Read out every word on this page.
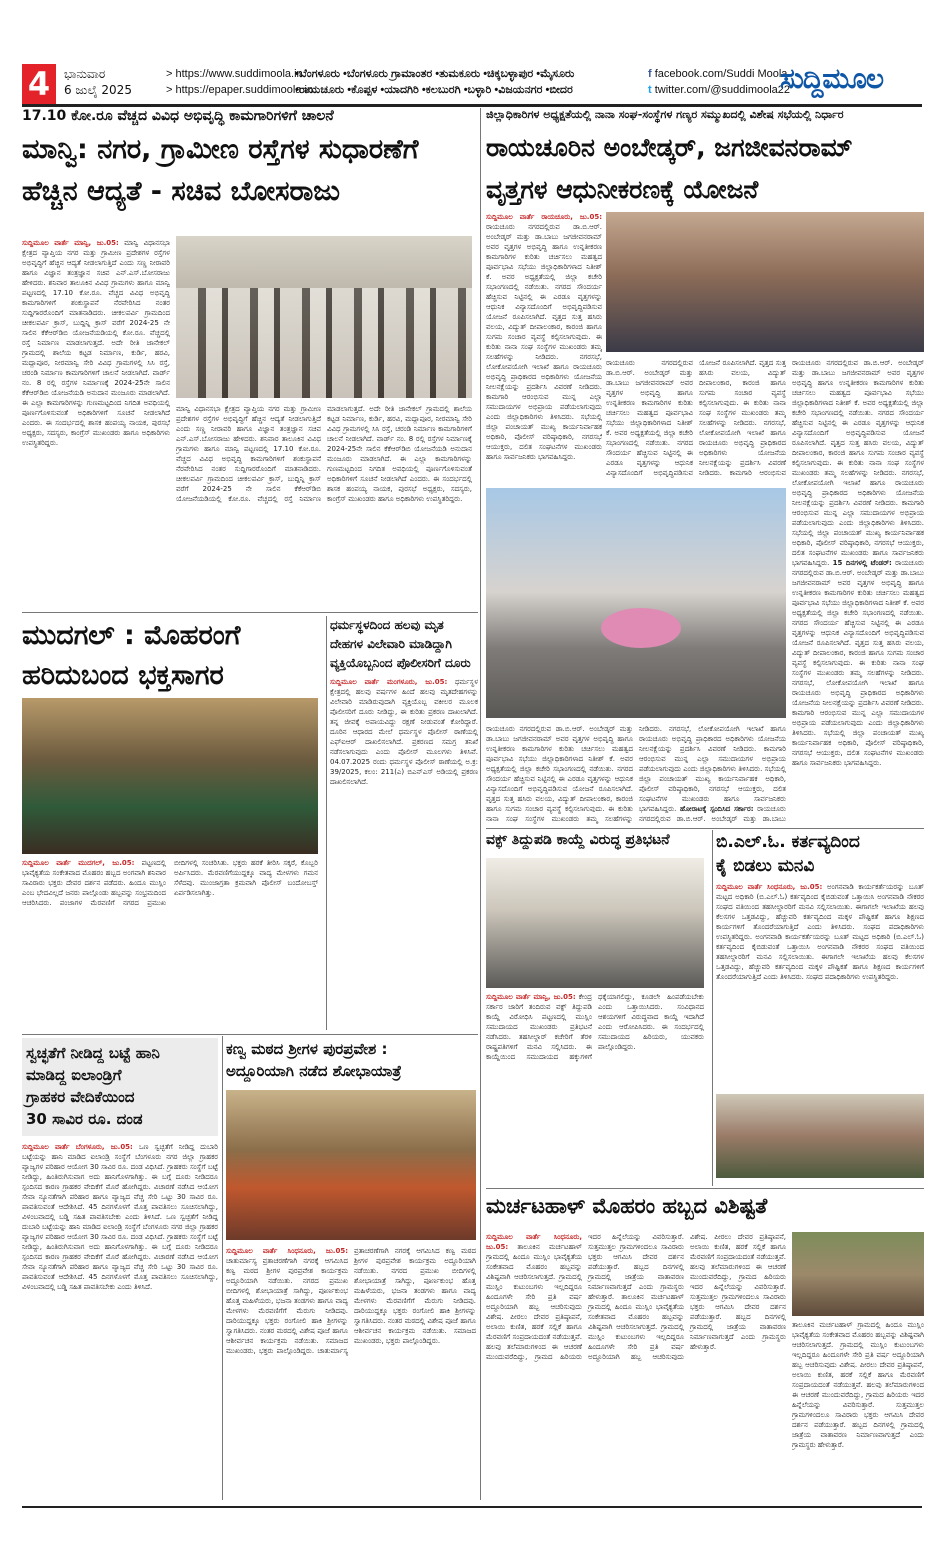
4	ಭಾನುವಾರ
6 ಜುಲೈ 2025
> https://www.suddimoola.in
> https://epaper.suddimoola.in
•ಬೆಂಗಳೂರು •ಬೆಂಗಳೂರು ಗ್ರಾಮಾಂತರ •ತುಮಕೂರು •ಚಿಕ್ಕಬಳ್ಳಾಪುರ •ಮೈಸೂರು
•ರಾಯಚೂರು •ಕೊಪ್ಪಳ •ಯಾದಗಿರಿ •ಕಲಬುರಗಿ •ಬಳ್ಳಾರಿ •ವಿಜಯನಗರ •ಬೀದರ
f facebook.com/Suddi Moola
t twitter.com/@suddimoola22
ಸುದ್ದಿಮೂಲ
17.10 ಕೋ.ರೂ ವೆಚ್ಚದ ವಿವಿಧ ಅಭಿವೃದ್ಧಿ ಕಾಮಗಾರಿಗಳಿಗೆ ಚಾಲನೆ
ಮಾನ್ವಿ: ನಗರ, ಗ್ರಾಮೀಣ ರಸ್ತೆಗಳ ಸುಧಾರಣೆಗೆ
ಹೆಚ್ಚಿನ ಆದ್ಯತೆ - ಸಚಿವ ಬೋಸರಾಜು
ಸುದ್ದಿಮೂಲ ವಾರ್ತೆ ಮಾನ್ವಿ, ಜು.05: ಮಾನ್ವಿ ವಿಧಾನಸಭಾ ಕ್ಷೇತ್ರದ ವ್ಯಾಪ್ತಿಯ ನಗರ ಮತ್ತು ಗ್ರಾಮೀಣ ಪ್ರದೇಶಗಳ ರಸ್ತೆಗಳ ಅಭಿವೃದ್ಧಿಗೆ ಹೆಚ್ಚಿನ ಆದ್ಯತೆ ನೀಡಲಾಗುತ್ತಿದೆ ಎಂದು ಸಣ್ಣ ನೀರಾವರಿ ಹಾಗೂ ವಿಜ್ಞಾನ ತಂತ್ರಜ್ಞಾನ ಸಚಿವ ಎನ್.ಎಸ್.ಬೋಸರಾಜು ಹೇಳಿದರು. ಶನಿವಾರ ತಾಲೂಕಿನ ವಿವಿಧ ಗ್ರಾಮಗಳು ಹಾಗೂ ಮಾನ್ವಿ ಪಟ್ಟಣದಲ್ಲಿ 17.10 ಕೋ.ರೂ. ವೆಚ್ಚದ ವಿವಿಧ ಅಭಿವೃದ್ಧಿ ಕಾಮಗಾರಿಗಳಿಗೆ ಶಂಕುಸ್ಥಾಪನೆ ನೆರವೇರಿಸಿದ ನಂತರ ಸುದ್ದಿಗಾರರೊಂದಿಗೆ ಮಾತನಾಡಿದರು. ಚೀಕಲಪರ್ವಿ ಗ್ರಾಮದಿಂದ ಚೀಕಲಪರ್ವಿ ಕ್ರಾಸ್, ಬುದ್ದಿನ್ನಿ ಕ್ರಾಸ್ ವರೆಗೆ 2024-25 ನೇ ಸಾಲಿನ ಕೆಕೆಆರ್‌ಡಿಬಿ ಯೋಜನೆಯಡಿಯಲ್ಲಿ ಕೋ.ರೂ. ವೆಚ್ಚದಲ್ಲಿ ರಸ್ತೆ ನಿರ್ಮಾಣ ಮಾಡಲಾಗುತ್ತದೆ. ಅದೇ ರೀತಿ ಜಾನೇಕಲ್ ಗ್ರಾಮದಲ್ಲಿ ಶಾಲೆಯ ಕಟ್ಟಡ ನಿರ್ಮಾಣ, ಕುರ್ಡಿ, ಹರವಿ, ಮದ್ಲಾಪೂರ, ನೀರಮಾನ್ವಿ ಸೇರಿ ವಿವಿಧ ಗ್ರಾಮಗಳಲ್ಲಿ ಸಿಸಿ ರಸ್ತೆ, ಚರಂಡಿ ನಿರ್ಮಾಣ ಕಾಮಗಾರಿಗಳಿಗೆ ಚಾಲನೆ ನೀಡಲಾಗಿದೆ. ವಾರ್ಡ್ ನಂ. 8 ರಲ್ಲಿ ರಸ್ತೆಗಳ ನಿರ್ಮಾಣಕ್ಕೆ 2024-25ನೇ ಸಾಲಿನ ಕೆಕೆಆರ್‌ಡಿಬಿ ಯೋಜನೆಯಡಿ ಅನುದಾನ ಮಂಜೂರು ಮಾಡಲಾಗಿದೆ. ಈ ಎಲ್ಲಾ ಕಾಮಗಾರಿಗಳನ್ನು ಗುಣಮಟ್ಟದಿಂದ ನಿಗದಿತ ಅವಧಿಯಲ್ಲಿ ಪೂರ್ಣಗೊಳಿಸುವಂತೆ ಅಧಿಕಾರಿಗಳಿಗೆ ಸೂಚನೆ ನೀಡಲಾಗಿದೆ ಎಂದರು. ಈ ಸಂದರ್ಭದಲ್ಲಿ ಶಾಸಕ ಹಂಪಯ್ಯ ನಾಯಕ, ಪುರಸಭೆ ಅಧ್ಯಕ್ಷರು, ಸದಸ್ಯರು, ಕಾಂಗ್ರೆಸ್ ಮುಖಂಡರು ಹಾಗೂ ಅಧಿಕಾರಿಗಳು ಉಪಸ್ಥಿತರಿದ್ದರು.
ಮಾನ್ವಿ ವಿಧಾನಸಭಾ ಕ್ಷೇತ್ರದ ವ್ಯಾಪ್ತಿಯ ನಗರ ಮತ್ತು ಗ್ರಾಮೀಣ ಪ್ರದೇಶಗಳ ರಸ್ತೆಗಳ ಅಭಿವೃದ್ಧಿಗೆ ಹೆಚ್ಚಿನ ಆದ್ಯತೆ ನೀಡಲಾಗುತ್ತಿದೆ ಎಂದು ಸಣ್ಣ ನೀರಾವರಿ ಹಾಗೂ ವಿಜ್ಞಾನ ತಂತ್ರಜ್ಞಾನ ಸಚಿವ ಎನ್.ಎಸ್.ಬೋಸರಾಜು ಹೇಳಿದರು. ಶನಿವಾರ ತಾಲೂಕಿನ ವಿವಿಧ ಗ್ರಾಮಗಳು ಹಾಗೂ ಮಾನ್ವಿ ಪಟ್ಟಣದಲ್ಲಿ 17.10 ಕೋ.ರೂ. ವೆಚ್ಚದ ವಿವಿಧ ಅಭಿವೃದ್ಧಿ ಕಾಮಗಾರಿಗಳಿಗೆ ಶಂಕುಸ್ಥಾಪನೆ ನೆರವೇರಿಸಿದ ನಂತರ ಸುದ್ದಿಗಾರರೊಂದಿಗೆ ಮಾತನಾಡಿದರು. ಚೀಕಲಪರ್ವಿ ಗ್ರಾಮದಿಂದ ಚೀಕಲಪರ್ವಿ ಕ್ರಾಸ್, ಬುದ್ದಿನ್ನಿ ಕ್ರಾಸ್ ವರೆಗೆ 2024-25 ನೇ ಸಾಲಿನ ಕೆಕೆಆರ್‌ಡಿಬಿ ಯೋಜನೆಯಡಿಯಲ್ಲಿ ಕೋ.ರೂ. ವೆಚ್ಚದಲ್ಲಿ ರಸ್ತೆ ನಿರ್ಮಾಣ ಮಾಡಲಾಗುತ್ತದೆ. ಅದೇ ರೀತಿ ಜಾನೇಕಲ್ ಗ್ರಾಮದಲ್ಲಿ ಶಾಲೆಯ ಕಟ್ಟಡ ನಿರ್ಮಾಣ, ಕುರ್ಡಿ, ಹರವಿ, ಮದ್ಲಾಪೂರ, ನೀರಮಾನ್ವಿ ಸೇರಿ ವಿವಿಧ ಗ್ರಾಮಗಳಲ್ಲಿ ಸಿಸಿ ರಸ್ತೆ, ಚರಂಡಿ ನಿರ್ಮಾಣ ಕಾಮಗಾರಿಗಳಿಗೆ ಚಾಲನೆ ನೀಡಲಾಗಿದೆ. ವಾರ್ಡ್ ನಂ. 8 ರಲ್ಲಿ ರಸ್ತೆಗಳ ನಿರ್ಮಾಣಕ್ಕೆ 2024-25ನೇ ಸಾಲಿನ ಕೆಕೆಆರ್‌ಡಿಬಿ ಯೋಜನೆಯಡಿ ಅನುದಾನ ಮಂಜೂರು ಮಾಡಲಾಗಿದೆ. ಈ ಎಲ್ಲಾ ಕಾಮಗಾರಿಗಳನ್ನು ಗುಣಮಟ್ಟದಿಂದ ನಿಗದಿತ ಅವಧಿಯಲ್ಲಿ ಪೂರ್ಣಗೊಳಿಸುವಂತೆ ಅಧಿಕಾರಿಗಳಿಗೆ ಸೂಚನೆ ನೀಡಲಾಗಿದೆ ಎಂದರು. ಈ ಸಂದರ್ಭದಲ್ಲಿ ಶಾಸಕ ಹಂಪಯ್ಯ ನಾಯಕ, ಪುರಸಭೆ ಅಧ್ಯಕ್ಷರು, ಸದಸ್ಯರು, ಕಾಂಗ್ರೆಸ್ ಮುಖಂಡರು ಹಾಗೂ ಅಧಿಕಾರಿಗಳು ಉಪಸ್ಥಿತರಿದ್ದರು.
ಜಿಲ್ಲಾಧಿಕಾರಿಗಳ ಅಧ್ಯಕ್ಷತೆಯಲ್ಲಿ ನಾನಾ ಸಂಘ-ಸಂಸ್ಥೆಗಳ ಗಣ್ಯರ ಸಮ್ಮುಖದಲ್ಲಿ ವಿಶೇಷ ಸಭೆಯಲ್ಲಿ ನಿರ್ಧಾರ
ರಾಯಚೂರಿನ ಅಂಬೇಡ್ಕರ್, ಜಗಜೀವನರಾಮ್
ವೃತ್ತಗಳ ಆಧುನೀಕರಣಕ್ಕೆ ಯೋಜನೆ
ಸುದ್ದಿಮೂಲ ವಾರ್ತೆ ರಾಯಚೂರು, ಜು.05: ರಾಯಚೂರು ನಗರದಲ್ಲಿರುವ ಡಾ.ಬಿ.ಆರ್. ಅಂಬೇಡ್ಕರ್ ಮತ್ತು ಡಾ.ಬಾಬು ಜಗಜೀವನರಾಮ್ ಅವರ ವೃತ್ತಗಳ ಅಭಿವೃದ್ಧಿ ಹಾಗೂ ಉನ್ನತೀಕರಣ ಕಾಮಗಾರಿಗಳ ಕುರಿತು ಚರ್ಚಿಸಲು ಮಹತ್ವದ ಪೂರ್ವಭಾವಿ ಸಭೆಯು ಜಿಲ್ಲಾಧಿಕಾರಿಗಳಾದ ನಿತೀಶ್ ಕೆ. ಅವರ ಅಧ್ಯಕ್ಷತೆಯಲ್ಲಿ ಜಿಲ್ಲಾ ಕಚೇರಿ ಸಭಾಂಗಣದಲ್ಲಿ ನಡೆಯಿತು. ನಗರದ ಸೌಂದರ್ಯ ಹೆಚ್ಚಿಸುವ ನಿಟ್ಟಿನಲ್ಲಿ ಈ ಎರಡೂ ವೃತ್ತಗಳನ್ನು ಆಧುನಿಕ ವಿನ್ಯಾಸದೊಂದಿಗೆ ಅಭಿವೃದ್ಧಿಪಡಿಸುವ ಯೋಜನೆ ರೂಪಿಸಲಾಗಿದೆ. ವೃತ್ತದ ಸುತ್ತ ಹಸಿರು ವಲಯ, ವಿದ್ಯುತ್ ದೀಪಾಲಂಕಾರ, ಕಾರಂಜಿ ಹಾಗೂ ಸುಗಮ ಸಂಚಾರ ವ್ಯವಸ್ಥೆ ಕಲ್ಪಿಸಲಾಗುವುದು. ಈ ಕುರಿತು ನಾನಾ ಸಂಘ ಸಂಸ್ಥೆಗಳ ಮುಖಂಡರು ತಮ್ಮ ಸಲಹೆಗಳನ್ನು ನೀಡಿದರು. ನಗರಸಭೆ, ಲೋಕೋಪಯೋಗಿ ಇಲಾಖೆ ಹಾಗೂ ರಾಯಚೂರು ಅಭಿವೃದ್ಧಿ ಪ್ರಾಧಿಕಾರದ ಅಧಿಕಾರಿಗಳು ಯೋಜನೆಯ ನೀಲನಕ್ಷೆಯನ್ನು ಪ್ರದರ್ಶಿಸಿ ವಿವರಣೆ ನೀಡಿದರು. ಕಾಮಗಾರಿ ಆರಂಭಿಸುವ ಮುನ್ನ ಎಲ್ಲಾ ಸಮುದಾಯಗಳ ಅಭಿಪ್ರಾಯ ಪಡೆಯಲಾಗುವುದು ಎಂದು ಜಿಲ್ಲಾಧಿಕಾರಿಗಳು ತಿಳಿಸಿದರು. ಸಭೆಯಲ್ಲಿ ಜಿಲ್ಲಾ ಪಂಚಾಯತ್ ಮುಖ್ಯ ಕಾರ್ಯನಿರ್ವಾಹಕ ಅಧಿಕಾರಿ, ಪೊಲೀಸ್ ವರಿಷ್ಠಾಧಿಕಾರಿ, ನಗರಸಭೆ ಆಯುಕ್ತರು, ದಲಿತ ಸಂಘಟನೆಗಳ ಮುಖಂಡರು ಹಾಗೂ ಸಾರ್ವಜನಿಕರು ಭಾಗವಹಿಸಿದ್ದರು.
ರಾಯಚೂರು ನಗರದಲ್ಲಿರುವ ಡಾ.ಬಿ.ಆರ್. ಅಂಬೇಡ್ಕರ್ ಮತ್ತು ಡಾ.ಬಾಬು ಜಗಜೀವನರಾಮ್ ಅವರ ವೃತ್ತಗಳ ಅಭಿವೃದ್ಧಿ ಹಾಗೂ ಉನ್ನತೀಕರಣ ಕಾಮಗಾರಿಗಳ ಕುರಿತು ಚರ್ಚಿಸಲು ಮಹತ್ವದ ಪೂರ್ವಭಾವಿ ಸಭೆಯು ಜಿಲ್ಲಾಧಿಕಾರಿಗಳಾದ ನಿತೀಶ್ ಕೆ. ಅವರ ಅಧ್ಯಕ್ಷತೆಯಲ್ಲಿ ಜಿಲ್ಲಾ ಕಚೇರಿ ಸಭಾಂಗಣದಲ್ಲಿ ನಡೆಯಿತು. ನಗರದ ಸೌಂದರ್ಯ ಹೆಚ್ಚಿಸುವ ನಿಟ್ಟಿನಲ್ಲಿ ಈ ಎರಡೂ ವೃತ್ತಗಳನ್ನು ಆಧುನಿಕ ವಿನ್ಯಾಸದೊಂದಿಗೆ ಅಭಿವೃದ್ಧಿಪಡಿಸುವ ಯೋಜನೆ ರೂಪಿಸಲಾಗಿದೆ. ವೃತ್ತದ ಸುತ್ತ ಹಸಿರು ವಲಯ, ವಿದ್ಯುತ್ ದೀಪಾಲಂಕಾರ, ಕಾರಂಜಿ ಹಾಗೂ ಸುಗಮ ಸಂಚಾರ ವ್ಯವಸ್ಥೆ ಕಲ್ಪಿಸಲಾಗುವುದು. ಈ ಕುರಿತು ನಾನಾ ಸಂಘ ಸಂಸ್ಥೆಗಳ ಮುಖಂಡರು ತಮ್ಮ ಸಲಹೆಗಳನ್ನು ನೀಡಿದರು. ನಗರಸಭೆ, ಲೋಕೋಪಯೋಗಿ ಇಲಾಖೆ ಹಾಗೂ ರಾಯಚೂರು ಅಭಿವೃದ್ಧಿ ಪ್ರಾಧಿಕಾರದ ಅಧಿಕಾರಿಗಳು ಯೋಜನೆಯ ನೀಲನಕ್ಷೆಯನ್ನು ಪ್ರದರ್ಶಿಸಿ ವಿವರಣೆ ನೀಡಿದರು. ಕಾಮಗಾರಿ ಆರಂಭಿಸುವ
ರಾಯಚೂರು ನಗರದಲ್ಲಿರುವ ಡಾ.ಬಿ.ಆರ್. ಅಂಬೇಡ್ಕರ್ ಮತ್ತು ಡಾ.ಬಾಬು ಜಗಜೀವನರಾಮ್ ಅವರ ವೃತ್ತಗಳ ಅಭಿವೃದ್ಧಿ ಹಾಗೂ ಉನ್ನತೀಕರಣ ಕಾಮಗಾರಿಗಳ ಕುರಿತು ಚರ್ಚಿಸಲು ಮಹತ್ವದ ಪೂರ್ವಭಾವಿ ಸಭೆಯು ಜಿಲ್ಲಾಧಿಕಾರಿಗಳಾದ ನಿತೀಶ್ ಕೆ. ಅವರ ಅಧ್ಯಕ್ಷತೆಯಲ್ಲಿ ಜಿಲ್ಲಾ ಕಚೇರಿ ಸಭಾಂಗಣದಲ್ಲಿ ನಡೆಯಿತು. ನಗರದ ಸೌಂದರ್ಯ ಹೆಚ್ಚಿಸುವ ನಿಟ್ಟಿನಲ್ಲಿ ಈ ಎರಡೂ ವೃತ್ತಗಳನ್ನು ಆಧುನಿಕ ವಿನ್ಯಾಸದೊಂದಿಗೆ ಅಭಿವೃದ್ಧಿಪಡಿಸುವ ಯೋಜನೆ ರೂಪಿಸಲಾಗಿದೆ. ವೃತ್ತದ ಸುತ್ತ ಹಸಿರು ವಲಯ, ವಿದ್ಯುತ್ ದೀಪಾಲಂಕಾರ, ಕಾರಂಜಿ ಹಾಗೂ ಸುಗಮ ಸಂಚಾರ ವ್ಯವಸ್ಥೆ ಕಲ್ಪಿಸಲಾಗುವುದು. ಈ ಕುರಿತು ನಾನಾ ಸಂಘ ಸಂಸ್ಥೆಗಳ ಮುಖಂಡರು ತಮ್ಮ ಸಲಹೆಗಳನ್ನು ನೀಡಿದರು. ನಗರಸಭೆ, ಲೋಕೋಪಯೋಗಿ ಇಲಾಖೆ ಹಾಗೂ ರಾಯಚೂರು ಅಭಿವೃದ್ಧಿ ಪ್ರಾಧಿಕಾರದ ಅಧಿಕಾರಿಗಳು ಯೋಜನೆಯ ನೀಲನಕ್ಷೆಯನ್ನು ಪ್ರದರ್ಶಿಸಿ ವಿವರಣೆ ನೀಡಿದರು. ಕಾಮಗಾರಿ ಆರಂಭಿಸುವ ಮುನ್ನ ಎಲ್ಲಾ ಸಮುದಾಯಗಳ ಅಭಿಪ್ರಾಯ ಪಡೆಯಲಾಗುವುದು ಎಂದು ಜಿಲ್ಲಾಧಿಕಾರಿಗಳು ತಿಳಿಸಿದರು. ಸಭೆಯಲ್ಲಿ ಜಿಲ್ಲಾ ಪಂಚಾಯತ್ ಮುಖ್ಯ ಕಾರ್ಯನಿರ್ವಾಹಕ ಅಧಿಕಾರಿ, ಪೊಲೀಸ್ ವರಿಷ್ಠಾಧಿಕಾರಿ, ನಗರಸಭೆ ಆಯುಕ್ತರು, ದಲಿತ ಸಂಘಟನೆಗಳ ಮುಖಂಡರು ಹಾಗೂ ಸಾರ್ವಜನಿಕರು ಭಾಗವಹಿಸಿದ್ದರು. 15 ದಿನಗಳಲ್ಲಿ ಟೆಂಡರ್: ರಾಯಚೂರು ನಗರದಲ್ಲಿರುವ ಡಾ.ಬಿ.ಆರ್. ಅಂಬೇಡ್ಕರ್ ಮತ್ತು ಡಾ.ಬಾಬು ಜಗಜೀವನರಾಮ್ ಅವರ ವೃತ್ತಗಳ ಅಭಿವೃದ್ಧಿ ಹಾಗೂ ಉನ್ನತೀಕರಣ ಕಾಮಗಾರಿಗಳ ಕುರಿತು ಚರ್ಚಿಸಲು ಮಹತ್ವದ ಪೂರ್ವಭಾವಿ ಸಭೆಯು ಜಿಲ್ಲಾಧಿಕಾರಿಗಳಾದ ನಿತೀಶ್ ಕೆ. ಅವರ ಅಧ್ಯಕ್ಷತೆಯಲ್ಲಿ ಜಿಲ್ಲಾ ಕಚೇರಿ ಸಭಾಂಗಣದಲ್ಲಿ ನಡೆಯಿತು. ನಗರದ ಸೌಂದರ್ಯ ಹೆಚ್ಚಿಸುವ ನಿಟ್ಟಿನಲ್ಲಿ ಈ ಎರಡೂ ವೃತ್ತಗಳನ್ನು ಆಧುನಿಕ ವಿನ್ಯಾಸದೊಂದಿಗೆ ಅಭಿವೃದ್ಧಿಪಡಿಸುವ ಯೋಜನೆ ರೂಪಿಸಲಾಗಿದೆ. ವೃತ್ತದ ಸುತ್ತ ಹಸಿರು ವಲಯ, ವಿದ್ಯುತ್ ದೀಪಾಲಂಕಾರ, ಕಾರಂಜಿ ಹಾಗೂ ಸುಗಮ ಸಂಚಾರ ವ್ಯವಸ್ಥೆ ಕಲ್ಪಿಸಲಾಗುವುದು. ಈ ಕುರಿತು ನಾನಾ ಸಂಘ ಸಂಸ್ಥೆಗಳ ಮುಖಂಡರು ತಮ್ಮ ಸಲಹೆಗಳನ್ನು ನೀಡಿದರು. ನಗರಸಭೆ, ಲೋಕೋಪಯೋಗಿ ಇಲಾಖೆ ಹಾಗೂ ರಾಯಚೂರು ಅಭಿವೃದ್ಧಿ ಪ್ರಾಧಿಕಾರದ ಅಧಿಕಾರಿಗಳು ಯೋಜನೆಯ ನೀಲನಕ್ಷೆಯನ್ನು ಪ್ರದರ್ಶಿಸಿ ವಿವರಣೆ ನೀಡಿದರು. ಕಾಮಗಾರಿ ಆರಂಭಿಸುವ ಮುನ್ನ ಎಲ್ಲಾ ಸಮುದಾಯಗಳ ಅಭಿಪ್ರಾಯ ಪಡೆಯಲಾಗುವುದು ಎಂದು ಜಿಲ್ಲಾಧಿಕಾರಿಗಳು ತಿಳಿಸಿದರು. ಸಭೆಯಲ್ಲಿ ಜಿಲ್ಲಾ ಪಂಚಾಯತ್ ಮುಖ್ಯ ಕಾರ್ಯನಿರ್ವಾಹಕ ಅಧಿಕಾರಿ, ಪೊಲೀಸ್ ವರಿಷ್ಠಾಧಿಕಾರಿ, ನಗರಸಭೆ ಆಯುಕ್ತರು, ದಲಿತ ಸಂಘಟನೆಗಳ ಮುಖಂಡರು ಹಾಗೂ ಸಾರ್ವಜನಿಕರು ಭಾಗವಹಿಸಿದ್ದರು.
ರಾಯಚೂರು ನಗರದಲ್ಲಿರುವ ಡಾ.ಬಿ.ಆರ್. ಅಂಬೇಡ್ಕರ್ ಮತ್ತು ಡಾ.ಬಾಬು ಜಗಜೀವನರಾಮ್ ಅವರ ವೃತ್ತಗಳ ಅಭಿವೃದ್ಧಿ ಹಾಗೂ ಉನ್ನತೀಕರಣ ಕಾಮಗಾರಿಗಳ ಕುರಿತು ಚರ್ಚಿಸಲು ಮಹತ್ವದ ಪೂರ್ವಭಾವಿ ಸಭೆಯು ಜಿಲ್ಲಾಧಿಕಾರಿಗಳಾದ ನಿತೀಶ್ ಕೆ. ಅವರ ಅಧ್ಯಕ್ಷತೆಯಲ್ಲಿ ಜಿಲ್ಲಾ ಕಚೇರಿ ಸಭಾಂಗಣದಲ್ಲಿ ನಡೆಯಿತು. ನಗರದ ಸೌಂದರ್ಯ ಹೆಚ್ಚಿಸುವ ನಿಟ್ಟಿನಲ್ಲಿ ಈ ಎರಡೂ ವೃತ್ತಗಳನ್ನು ಆಧುನಿಕ ವಿನ್ಯಾಸದೊಂದಿಗೆ ಅಭಿವೃದ್ಧಿಪಡಿಸುವ ಯೋಜನೆ ರೂಪಿಸಲಾಗಿದೆ. ವೃತ್ತದ ಸುತ್ತ ಹಸಿರು ವಲಯ, ವಿದ್ಯುತ್ ದೀಪಾಲಂಕಾರ, ಕಾರಂಜಿ ಹಾಗೂ ಸುಗಮ ಸಂಚಾರ ವ್ಯವಸ್ಥೆ ಕಲ್ಪಿಸಲಾಗುವುದು. ಈ ಕುರಿತು ನಾನಾ ಸಂಘ ಸಂಸ್ಥೆಗಳ ಮುಖಂಡರು ತಮ್ಮ ಸಲಹೆಗಳನ್ನು ನೀಡಿದರು. ನಗರಸಭೆ, ಲೋಕೋಪಯೋಗಿ ಇಲಾಖೆ ಹಾಗೂ ರಾಯಚೂರು ಅಭಿವೃದ್ಧಿ ಪ್ರಾಧಿಕಾರದ ಅಧಿಕಾರಿಗಳು ಯೋಜನೆಯ ನೀಲನಕ್ಷೆಯನ್ನು ಪ್ರದರ್ಶಿಸಿ ವಿವರಣೆ ನೀಡಿದರು. ಕಾಮಗಾರಿ ಆರಂಭಿಸುವ ಮುನ್ನ ಎಲ್ಲಾ ಸಮುದಾಯಗಳ ಅಭಿಪ್ರಾಯ ಪಡೆಯಲಾಗುವುದು ಎಂದು ಜಿಲ್ಲಾಧಿಕಾರಿಗಳು ತಿಳಿಸಿದರು. ಸಭೆಯಲ್ಲಿ ಜಿಲ್ಲಾ ಪಂಚಾಯತ್ ಮುಖ್ಯ ಕಾರ್ಯನಿರ್ವಾಹಕ ಅಧಿಕಾರಿ, ಪೊಲೀಸ್ ವರಿಷ್ಠಾಧಿಕಾರಿ, ನಗರಸಭೆ ಆಯುಕ್ತರು, ದಲಿತ ಸಂಘಟನೆಗಳ ಮುಖಂಡರು ಹಾಗೂ ಸಾರ್ವಜನಿಕರು ಭಾಗವಹಿಸಿದ್ದರು. ಹೋರಾಟಕ್ಕೆ ಸ್ಪಂದಿಸಿದ ಸರ್ಕಾರ: ರಾಯಚೂರು ನಗರದಲ್ಲಿರುವ ಡಾ.ಬಿ.ಆರ್. ಅಂಬೇಡ್ಕರ್ ಮತ್ತು ಡಾ.ಬಾಬು
ಮುದಗಲ್ : ಮೊಹರಂಗೆ
ಹರಿದುಬಂದ ಭಕ್ತಸಾಗರ
ಸುದ್ದಿಮೂಲ ವಾರ್ತೆ ಮುದಗಲ್, ಜು.05: ಪಟ್ಟಣದಲ್ಲಿ ಭಾವೈಕ್ಯತೆಯ ಸಂಕೇತವಾದ ಮೊಹರಂ ಹಬ್ಬದ ಅಂಗವಾಗಿ ಶನಿವಾರ ಸಾವಿರಾರು ಭಕ್ತರು ದೇವರ ದರ್ಶನ ಪಡೆದರು. ಹಿಂದೂ ಮುಸ್ಲಿಂ ಎಂಬ ಭೇದವಿಲ್ಲದೆ ಜನರು ಪಾಲ್ಗೊಂಡು ಹಬ್ಬವನ್ನು ಸಂಭ್ರಮದಿಂದ ಆಚರಿಸಿದರು. ಪಂಜಾಗಳ ಮೆರವಣಿಗೆ ನಗರದ ಪ್ರಮುಖ ಬೀದಿಗಳಲ್ಲಿ ಸಂಚರಿಸಿತು. ಭಕ್ತರು ಹರಕೆ ತೀರಿಸಿ ಸಕ್ಕರೆ, ಕೊಬ್ಬರಿ ಅರ್ಪಿಸಿದರು. ಮೆರವಣಿಗೆಯುದ್ದಕ್ಕೂ ವಾದ್ಯ ಮೇಳಗಳು ಗಮನ ಸೆಳೆದವು. ಮುಂಜಾಗ್ರತಾ ಕ್ರಮವಾಗಿ ಪೊಲೀಸ್ ಬಂದೋಬಸ್ತ್ ಏರ್ಪಡಿಸಲಾಗಿತ್ತು.
ಧರ್ಮಸ್ಥಳದಿಂದ ಹಲವು ಮೃತ
ದೇಹಗಳ ವಿಲೇವಾರಿ ಮಾಡಿದ್ದಾಗಿ
ವ್ಯಕ್ತಿಯೊಬ್ಬನಿಂದ ಪೊಲೀಸರಿಗೆ ದೂರು
ಸುದ್ದಿಮೂಲ ವಾರ್ತೆ ಮಂಗಳೂರು, ಜು.05: ಧರ್ಮಸ್ಥಳ ಕ್ಷೇತ್ರದಲ್ಲಿ ಹಲವು ವರ್ಷಗಳ ಹಿಂದೆ ಹಲವು ಮೃತದೇಹಗಳನ್ನು ವಿಲೇವಾರಿ ಮಾಡಿರುವುದಾಗಿ ವ್ಯಕ್ತಿಯೊಬ್ಬ ವಕೀಲರ ಮೂಲಕ ಪೊಲೀಸರಿಗೆ ದೂರು ನೀಡಿದ್ದು, ಈ ಕುರಿತು ಪ್ರಕರಣ ದಾಖಲಾಗಿದೆ. ತನ್ನ ಜೀವಕ್ಕೆ ಅಪಾಯವಿದ್ದು ರಕ್ಷಣೆ ನೀಡುವಂತೆ ಕೋರಿದ್ದಾರೆ. ದೂರಿನ ಆಧಾರದ ಮೇಲೆ ಧರ್ಮಸ್ಥಳ ಪೊಲೀಸ್ ಠಾಣೆಯಲ್ಲಿ ಎಫ್‌ಐಆರ್ ದಾಖಲಿಸಲಾಗಿದೆ. ಪ್ರಕರಣದ ಸಮಗ್ರ ತನಿಖೆ ನಡೆಸಲಾಗುವುದು ಎಂದು ಪೊಲೀಸ್ ಮೂಲಗಳು ತಿಳಿಸಿವೆ. 04.07.2025 ರಂದು ಧರ್ಮಸ್ಥಳ ಪೊಲೀಸ್ ಠಾಣೆಯಲ್ಲಿ ಅ.ಕ್ರ: 39/2025, ಕಲಂ: 211(ಎ) ಬಿಎನ್‌ಎಸ್ ಅಡಿಯಲ್ಲಿ ಪ್ರಕರಣ ದಾಖಲಿಸಲಾಗಿದೆ.
ವಕ್ಫ್ ತಿದ್ದುಪಡಿ ಕಾಯ್ದೆ ವಿರುದ್ಧ ಪ್ರತಿಭಟನೆ
ಸುದ್ದಿಮೂಲ ವಾರ್ತೆ ಮಾನ್ವಿ, ಜು.05: ಕೇಂದ್ರ ಸರ್ಕಾರ ಜಾರಿಗೆ ತಂದಿರುವ ವಕ್ಫ್ ತಿದ್ದುಪಡಿ ಕಾಯ್ದೆ ವಿರೋಧಿಸಿ ಪಟ್ಟಣದಲ್ಲಿ ಮುಸ್ಲಿಂ ಸಮುದಾಯದ ಮುಖಂಡರು ಪ್ರತಿಭಟನೆ ನಡೆಸಿದರು. ತಹಸೀಲ್ದಾರ್ ಕಚೇರಿಗೆ ತೆರಳಿ ರಾಷ್ಟ್ರಪತಿಗಳಿಗೆ ಮನವಿ ಸಲ್ಲಿಸಿದರು. ಈ ಕಾಯ್ದೆಯಿಂದ ಸಮುದಾಯದ ಹಕ್ಕುಗಳಿಗೆ ಧಕ್ಕೆಯಾಗಲಿದ್ದು, ಕೂಡಲೇ ಹಿಂಪಡೆಯಬೇಕು ಎಂದು ಒತ್ತಾಯಿಸಿದರು. ಸಂವಿಧಾನದ ಆಶಯಗಳಿಗೆ ವಿರುದ್ಧವಾದ ಕಾಯ್ದೆ ಇದಾಗಿದೆ ಎಂದು ಆರೋಪಿಸಿದರು. ಈ ಸಂದರ್ಭದಲ್ಲಿ ಸಮುದಾಯದ ಹಿರಿಯರು, ಯುವಕರು ಪಾಲ್ಗೊಂಡಿದ್ದರು.
ಬಿ.ಎಲ್.ಓ. ಕರ್ತವ್ಯದಿಂದ
ಕೈ ಬಿಡಲು ಮನವಿ
ಸುದ್ದಿಮೂಲ ವಾರ್ತೆ ಸಿಂಧನೂರು, ಜು.05: ಅಂಗನವಾಡಿ ಕಾರ್ಯಕರ್ತೆಯರನ್ನು ಬೂತ್ ಮಟ್ಟದ ಅಧಿಕಾರಿ (ಬಿ.ಎಲ್.ಓ) ಕರ್ತವ್ಯದಿಂದ ಕೈಬಿಡುವಂತೆ ಒತ್ತಾಯಿಸಿ ಅಂಗನವಾಡಿ ನೌಕರರ ಸಂಘದ ವತಿಯಿಂದ ತಹಸೀಲ್ದಾರರಿಗೆ ಮನವಿ ಸಲ್ಲಿಸಲಾಯಿತು. ಈಗಾಗಲೇ ಇಲಾಖೆಯ ಹಲವು ಕೆಲಸಗಳ ಒತ್ತಡವಿದ್ದು, ಹೆಚ್ಚುವರಿ ಕರ್ತವ್ಯದಿಂದ ಮಕ್ಕಳ ಪೌಷ್ಟಿಕತೆ ಹಾಗೂ ಶಿಕ್ಷಣದ ಕಾರ್ಯಗಳಿಗೆ ತೊಂದರೆಯಾಗುತ್ತಿದೆ ಎಂದು ತಿಳಿಸಿದರು. ಸಂಘದ ಪದಾಧಿಕಾರಿಗಳು ಉಪಸ್ಥಿತರಿದ್ದರು. ಅಂಗನವಾಡಿ ಕಾರ್ಯಕರ್ತೆಯರನ್ನು ಬೂತ್ ಮಟ್ಟದ ಅಧಿಕಾರಿ (ಬಿ.ಎಲ್.ಓ) ಕರ್ತವ್ಯದಿಂದ ಕೈಬಿಡುವಂತೆ ಒತ್ತಾಯಿಸಿ ಅಂಗನವಾಡಿ ನೌಕರರ ಸಂಘದ ವತಿಯಿಂದ ತಹಸೀಲ್ದಾರರಿಗೆ ಮನವಿ ಸಲ್ಲಿಸಲಾಯಿತು. ಈಗಾಗಲೇ ಇಲಾಖೆಯ ಹಲವು ಕೆಲಸಗಳ ಒತ್ತಡವಿದ್ದು, ಹೆಚ್ಚುವರಿ ಕರ್ತವ್ಯದಿಂದ ಮಕ್ಕಳ ಪೌಷ್ಟಿಕತೆ ಹಾಗೂ ಶಿಕ್ಷಣದ ಕಾರ್ಯಗಳಿಗೆ ತೊಂದರೆಯಾಗುತ್ತಿದೆ ಎಂದು ತಿಳಿಸಿದರು. ಸಂಘದ ಪದಾಧಿಕಾರಿಗಳು ಉಪಸ್ಥಿತರಿದ್ದರು.
ಸ್ವಚ್ಛತೆಗೆ ನೀಡಿದ್ದ ಬಟ್ಟೆ ಹಾನಿ
ಮಾಡಿದ್ದ ಐಲಾಂಡ್ರಿಗೆ
ಗ್ರಾಹಕರ ವೇದಿಕೆಯಿಂದ
30 ಸಾವಿರ ರೂ. ದಂಡ
ಸುದ್ದಿಮೂಲ ವಾರ್ತೆ ಬೆಂಗಳೂರು, ಜು.05: ಒಣ ಸ್ವಚ್ಛತೆಗೆ ನೀಡಿದ್ದ ದುಬಾರಿ ಬಟ್ಟೆಯನ್ನು ಹಾನಿ ಮಾಡಿದ ಐಲಾಂಡ್ರಿ ಸಂಸ್ಥೆಗೆ ಬೆಂಗಳೂರು ನಗರ ಜಿಲ್ಲಾ ಗ್ರಾಹಕರ ವ್ಯಾಜ್ಯಗಳ ಪರಿಹಾರ ಆಯೋಗ 30 ಸಾವಿರ ರೂ. ದಂಡ ವಿಧಿಸಿದೆ. ಗ್ರಾಹಕರು ಸಂಸ್ಥೆಗೆ ಬಟ್ಟೆ ನೀಡಿದ್ದು, ಹಿಂತಿರುಗಿಸುವಾಗ ಅದು ಹಾನಿಗೊಳಗಾಗಿತ್ತು. ಈ ಬಗ್ಗೆ ದೂರು ನೀಡಿದರೂ ಸ್ಪಂದಿಸದ ಕಾರಣ ಗ್ರಾಹಕರ ವೇದಿಕೆಗೆ ಮೊರೆ ಹೋಗಿದ್ದರು. ವಿಚಾರಣೆ ನಡೆಸಿದ ಆಯೋಗ ಸೇವಾ ನ್ಯೂನತೆಗಾಗಿ ಪರಿಹಾರ ಹಾಗೂ ವ್ಯಾಜ್ಯದ ವೆಚ್ಚ ಸೇರಿ ಒಟ್ಟು 30 ಸಾವಿರ ರೂ. ಪಾವತಿಸುವಂತೆ ಆದೇಶಿಸಿದೆ. 45 ದಿನಗಳೊಳಗೆ ಮೊತ್ತ ಪಾವತಿಸಲು ಸೂಚಿಸಲಾಗಿದ್ದು, ವಿಳಂಬವಾದಲ್ಲಿ ಬಡ್ಡಿ ಸಹಿತ ಪಾವತಿಸಬೇಕು ಎಂದು ತಿಳಿಸಿದೆ. ಒಣ ಸ್ವಚ್ಛತೆಗೆ ನೀಡಿದ್ದ ದುಬಾರಿ ಬಟ್ಟೆಯನ್ನು ಹಾನಿ ಮಾಡಿದ ಐಲಾಂಡ್ರಿ ಸಂಸ್ಥೆಗೆ ಬೆಂಗಳೂರು ನಗರ ಜಿಲ್ಲಾ ಗ್ರಾಹಕರ ವ್ಯಾಜ್ಯಗಳ ಪರಿಹಾರ ಆಯೋಗ 30 ಸಾವಿರ ರೂ. ದಂಡ ವಿಧಿಸಿದೆ. ಗ್ರಾಹಕರು ಸಂಸ್ಥೆಗೆ ಬಟ್ಟೆ ನೀಡಿದ್ದು, ಹಿಂತಿರುಗಿಸುವಾಗ ಅದು ಹಾನಿಗೊಳಗಾಗಿತ್ತು. ಈ ಬಗ್ಗೆ ದೂರು ನೀಡಿದರೂ ಸ್ಪಂದಿಸದ ಕಾರಣ ಗ್ರಾಹಕರ ವೇದಿಕೆಗೆ ಮೊರೆ ಹೋಗಿದ್ದರು. ವಿಚಾರಣೆ ನಡೆಸಿದ ಆಯೋಗ ಸೇವಾ ನ್ಯೂನತೆಗಾಗಿ ಪರಿಹಾರ ಹಾಗೂ ವ್ಯಾಜ್ಯದ ವೆಚ್ಚ ಸೇರಿ ಒಟ್ಟು 30 ಸಾವಿರ ರೂ. ಪಾವತಿಸುವಂತೆ ಆದೇಶಿಸಿದೆ. 45 ದಿನಗಳೊಳಗೆ ಮೊತ್ತ ಪಾವತಿಸಲು ಸೂಚಿಸಲಾಗಿದ್ದು, ವಿಳಂಬವಾದಲ್ಲಿ ಬಡ್ಡಿ ಸಹಿತ ಪಾವತಿಸಬೇಕು ಎಂದು ತಿಳಿಸಿದೆ.
ಕಣ್ವ ಮಠದ ಶ್ರೀಗಳ ಪುರಪ್ರವೇಶ :
ಅದ್ದೂರಿಯಾಗಿ ನಡೆದ ಶೋಭಾಯಾತ್ರೆ
ಸುದ್ದಿಮೂಲ ವಾರ್ತೆ ಸಿಂಧನೂರು, ಜು.05: ಚಾತುರ್ಮಾಸ್ಯ ವ್ರತಾಚರಣೆಗಾಗಿ ನಗರಕ್ಕೆ ಆಗಮಿಸಿದ ಕಣ್ವ ಮಠದ ಶ್ರೀಗಳ ಪುರಪ್ರವೇಶ ಕಾರ್ಯಕ್ರಮ ಅದ್ದೂರಿಯಾಗಿ ನಡೆಯಿತು. ನಗರದ ಪ್ರಮುಖ ಬೀದಿಗಳಲ್ಲಿ ಶೋಭಾಯಾತ್ರೆ ಸಾಗಿದ್ದು, ಪೂರ್ಣಕುಂಭ ಹೊತ್ತ ಮಹಿಳೆಯರು, ಭಜನಾ ತಂಡಗಳು ಹಾಗೂ ವಾದ್ಯ ಮೇಳಗಳು ಮೆರವಣಿಗೆಗೆ ಮೆರುಗು ನೀಡಿದವು. ದಾರಿಯುದ್ದಕ್ಕೂ ಭಕ್ತರು ರಂಗೋಲಿ ಹಾಕಿ ಶ್ರೀಗಳನ್ನು ಸ್ವಾಗತಿಸಿದರು. ನಂತರ ಮಠದಲ್ಲಿ ವಿಶೇಷ ಪೂಜೆ ಹಾಗೂ ಆಶೀರ್ವಚನ ಕಾರ್ಯಕ್ರಮ ನಡೆಯಿತು. ಸಮಾಜದ ಮುಖಂಡರು, ಭಕ್ತರು ಪಾಲ್ಗೊಂಡಿದ್ದರು. ಚಾತುರ್ಮಾಸ್ಯ ವ್ರತಾಚರಣೆಗಾಗಿ ನಗರಕ್ಕೆ ಆಗಮಿಸಿದ ಕಣ್ವ ಮಠದ ಶ್ರೀಗಳ ಪುರಪ್ರವೇಶ ಕಾರ್ಯಕ್ರಮ ಅದ್ದೂರಿಯಾಗಿ ನಡೆಯಿತು. ನಗರದ ಪ್ರಮುಖ ಬೀದಿಗಳಲ್ಲಿ ಶೋಭಾಯಾತ್ರೆ ಸಾಗಿದ್ದು, ಪೂರ್ಣಕುಂಭ ಹೊತ್ತ ಮಹಿಳೆಯರು, ಭಜನಾ ತಂಡಗಳು ಹಾಗೂ ವಾದ್ಯ ಮೇಳಗಳು ಮೆರವಣಿಗೆಗೆ ಮೆರುಗು ನೀಡಿದವು. ದಾರಿಯುದ್ದಕ್ಕೂ ಭಕ್ತರು ರಂಗೋಲಿ ಹಾಕಿ ಶ್ರೀಗಳನ್ನು ಸ್ವಾಗತಿಸಿದರು. ನಂತರ ಮಠದಲ್ಲಿ ವಿಶೇಷ ಪೂಜೆ ಹಾಗೂ ಆಶೀರ್ವಚನ ಕಾರ್ಯಕ್ರಮ ನಡೆಯಿತು. ಸಮಾಜದ ಮುಖಂಡರು, ಭಕ್ತರು ಪಾಲ್ಗೊಂಡಿದ್ದರು.
ಮರ್ಚಟಹಾಳ್ ಮೊಹರಂ ಹಬ್ಬದ ವಿಶಿಷ್ಟತೆ
ಸುದ್ದಿಮೂಲ ವಾರ್ತೆ ಸಿಂಧನೂರು, ಜು.05: ತಾಲೂಕಿನ ಮರ್ಚಟಹಾಳ್ ಗ್ರಾಮದಲ್ಲಿ ಹಿಂದೂ ಮುಸ್ಲಿಂ ಭಾವೈಕ್ಯತೆಯ ಸಂಕೇತವಾದ ಮೊಹರಂ ಹಬ್ಬವನ್ನು ವಿಶಿಷ್ಟವಾಗಿ ಆಚರಿಸಲಾಗುತ್ತದೆ. ಗ್ರಾಮದಲ್ಲಿ ಮುಸ್ಲಿಂ ಕುಟುಂಬಗಳು ಇಲ್ಲದಿದ್ದರೂ ಹಿಂದೂಗಳೇ ಸೇರಿ ಪ್ರತಿ ವರ್ಷ ಅದ್ದೂರಿಯಾಗಿ ಹಬ್ಬ ಆಚರಿಸುವುದು ವಿಶೇಷ. ಪೀರಲು ದೇವರ ಪ್ರತಿಷ್ಠಾಪನೆ, ಅಲಾಯಿ ಕುಣಿತ, ಹರಕೆ ಸಲ್ಲಿಕೆ ಹಾಗೂ ಮೆರವಣಿಗೆ ಸಂಪ್ರದಾಯದಂತೆ ನಡೆಯುತ್ತವೆ. ಹಲವು ತಲೆಮಾರುಗಳಿಂದ ಈ ಆಚರಣೆ ಮುಂದುವರೆದಿದ್ದು, ಗ್ರಾಮದ ಹಿರಿಯರು ಇದರ ಹಿನ್ನೆಲೆಯನ್ನು ವಿವರಿಸುತ್ತಾರೆ. ಸುತ್ತಮುತ್ತಲ ಗ್ರಾಮಗಳಿಂದಲೂ ಸಾವಿರಾರು ಭಕ್ತರು ಆಗಮಿಸಿ ದೇವರ ದರ್ಶನ ಪಡೆಯುತ್ತಾರೆ. ಹಬ್ಬದ ದಿನಗಳಲ್ಲಿ ಗ್ರಾಮದಲ್ಲಿ ಜಾತ್ರೆಯ ವಾತಾವರಣ ನಿರ್ಮಾಣವಾಗುತ್ತದೆ ಎಂದು ಗ್ರಾಮಸ್ಥರು ಹೇಳುತ್ತಾರೆ. ತಾಲೂಕಿನ ಮರ್ಚಟಹಾಳ್ ಗ್ರಾಮದಲ್ಲಿ ಹಿಂದೂ ಮುಸ್ಲಿಂ ಭಾವೈಕ್ಯತೆಯ ಸಂಕೇತವಾದ ಮೊಹರಂ ಹಬ್ಬವನ್ನು ವಿಶಿಷ್ಟವಾಗಿ ಆಚರಿಸಲಾಗುತ್ತದೆ. ಗ್ರಾಮದಲ್ಲಿ ಮುಸ್ಲಿಂ ಕುಟುಂಬಗಳು ಇಲ್ಲದಿದ್ದರೂ ಹಿಂದೂಗಳೇ ಸೇರಿ ಪ್ರತಿ ವರ್ಷ ಅದ್ದೂರಿಯಾಗಿ ಹಬ್ಬ ಆಚರಿಸುವುದು ವಿಶೇಷ. ಪೀರಲು ದೇವರ ಪ್ರತಿಷ್ಠಾಪನೆ, ಅಲಾಯಿ ಕುಣಿತ, ಹರಕೆ ಸಲ್ಲಿಕೆ ಹಾಗೂ ಮೆರವಣಿಗೆ ಸಂಪ್ರದಾಯದಂತೆ ನಡೆಯುತ್ತವೆ. ಹಲವು ತಲೆಮಾರುಗಳಿಂದ ಈ ಆಚರಣೆ ಮುಂದುವರೆದಿದ್ದು, ಗ್ರಾಮದ ಹಿರಿಯರು ಇದರ ಹಿನ್ನೆಲೆಯನ್ನು ವಿವರಿಸುತ್ತಾರೆ. ಸುತ್ತಮುತ್ತಲ ಗ್ರಾಮಗಳಿಂದಲೂ ಸಾವಿರಾರು ಭಕ್ತರು ಆಗಮಿಸಿ ದೇವರ ದರ್ಶನ ಪಡೆಯುತ್ತಾರೆ. ಹಬ್ಬದ ದಿನಗಳಲ್ಲಿ ಗ್ರಾಮದಲ್ಲಿ ಜಾತ್ರೆಯ ವಾತಾವರಣ ನಿರ್ಮಾಣವಾಗುತ್ತದೆ ಎಂದು ಗ್ರಾಮಸ್ಥರು ಹೇಳುತ್ತಾರೆ.
ತಾಲೂಕಿನ ಮರ್ಚಟಹಾಳ್ ಗ್ರಾಮದಲ್ಲಿ ಹಿಂದೂ ಮುಸ್ಲಿಂ ಭಾವೈಕ್ಯತೆಯ ಸಂಕೇತವಾದ ಮೊಹರಂ ಹಬ್ಬವನ್ನು ವಿಶಿಷ್ಟವಾಗಿ ಆಚರಿಸಲಾಗುತ್ತದೆ. ಗ್ರಾಮದಲ್ಲಿ ಮುಸ್ಲಿಂ ಕುಟುಂಬಗಳು ಇಲ್ಲದಿದ್ದರೂ ಹಿಂದೂಗಳೇ ಸೇರಿ ಪ್ರತಿ ವರ್ಷ ಅದ್ದೂರಿಯಾಗಿ ಹಬ್ಬ ಆಚರಿಸುವುದು ವಿಶೇಷ. ಪೀರಲು ದೇವರ ಪ್ರತಿಷ್ಠಾಪನೆ, ಅಲಾಯಿ ಕುಣಿತ, ಹರಕೆ ಸಲ್ಲಿಕೆ ಹಾಗೂ ಮೆರವಣಿಗೆ ಸಂಪ್ರದಾಯದಂತೆ ನಡೆಯುತ್ತವೆ. ಹಲವು ತಲೆಮಾರುಗಳಿಂದ ಈ ಆಚರಣೆ ಮುಂದುವರೆದಿದ್ದು, ಗ್ರಾಮದ ಹಿರಿಯರು ಇದರ ಹಿನ್ನೆಲೆಯನ್ನು ವಿವರಿಸುತ್ತಾರೆ. ಸುತ್ತಮುತ್ತಲ ಗ್ರಾಮಗಳಿಂದಲೂ ಸಾವಿರಾರು ಭಕ್ತರು ಆಗಮಿಸಿ ದೇವರ ದರ್ಶನ ಪಡೆಯುತ್ತಾರೆ. ಹಬ್ಬದ ದಿನಗಳಲ್ಲಿ ಗ್ರಾಮದಲ್ಲಿ ಜಾತ್ರೆಯ ವಾತಾವರಣ ನಿರ್ಮಾಣವಾಗುತ್ತದೆ ಎಂದು ಗ್ರಾಮಸ್ಥರು ಹೇಳುತ್ತಾರೆ.
